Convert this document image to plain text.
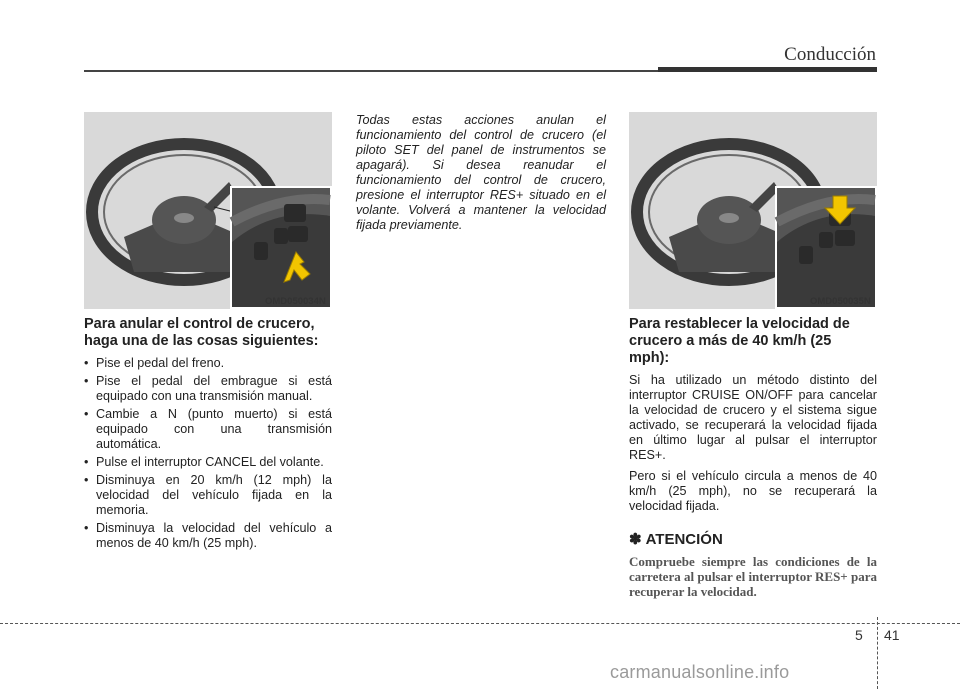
Conducción
OMD050034N
Para anular el control de crucero, haga una de las cosas siguientes:
• Pise el pedal del freno.
• Pise el pedal del embrague si está equipado con una transmisión manual.
• Cambie a N (punto muerto) si está equipado con una transmisión automática.
• Pulse el interruptor CANCEL del volante.
• Disminuya en 20 km/h (12 mph) la velocidad del vehículo fijada en la memoria.
• Disminuya la velocidad del vehículo a menos de 40 km/h (25 mph).

Todas estas acciones anulan el funcionamiento del control de crucero (el piloto SET del panel de instrumentos se apagará). Si desea reanudar el funcionamiento del control de crucero, presione el interruptor RES+ situado en el volante. Volverá a mantener la velocidad fijada previamente.

OMD050035N
Para restablecer la velocidad de crucero a más de 40 km/h (25 mph):

Si ha utilizado un método distinto del interruptor CRUISE ON/OFF para cancelar la velocidad de crucero y el sistema sigue activado, se recuperará la velocidad fijada en último lugar al pulsar el interruptor RES+.

Pero si el vehículo circula a menos de 40 km/h (25 mph), no se recuperará la velocidad fijada.

✽ ATENCIÓN

Compruebe siempre las condiciones de la carretera al pulsar el interruptor RES+ para recuperar la velocidad.

5 41
carmanualsonline.info
